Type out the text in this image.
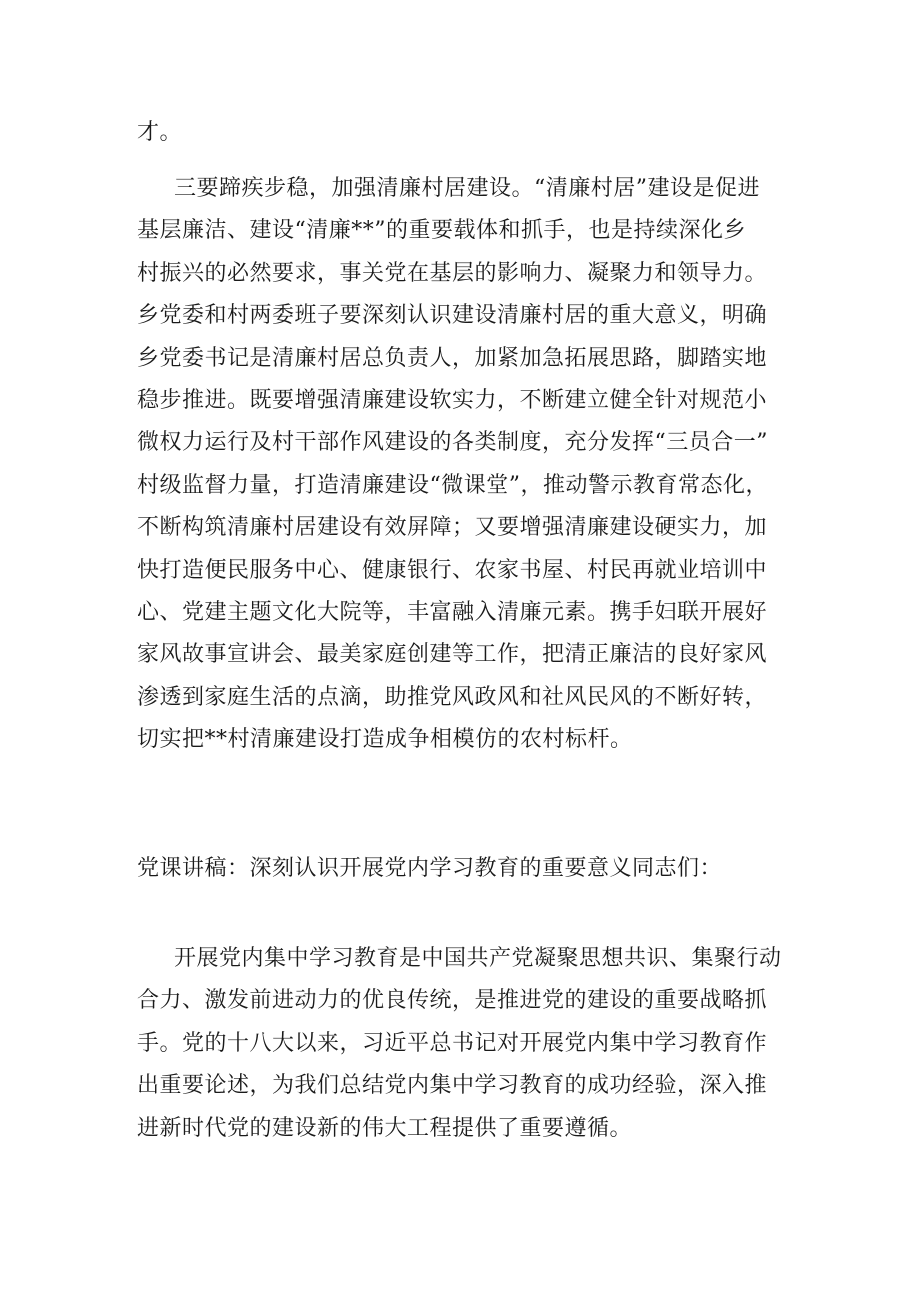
才。
三要蹄疾步稳，加强清廉村居建设。“清廉村居”建设是促进
基层廉洁、建设“清廉**”的重要载体和抓手，也是持续深化乡
村振兴的必然要求，事关党在基层的影响力、凝聚力和领导力。
乡党委和村两委班子要深刻认识建设清廉村居的重大意义，明确
乡党委书记是清廉村居总负责人，加紧加急拓展思路，脚踏实地
稳步推进。既要增强清廉建设软实力，不断建立健全针对规范小
微权力运行及村干部作风建设的各类制度，充分发挥“三员合一”
村级监督力量，打造清廉建设“微课堂”，推动警示教育常态化，
不断构筑清廉村居建设有效屏障；又要增强清廉建设硬实力，加
快打造便民服务中心、健康银行、农家书屋、村民再就业培训中
心、党建主题文化大院等，丰富融入清廉元素。携手妇联开展好
家风故事宣讲会、最美家庭创建等工作，把清正廉洁的良好家风
渗透到家庭生活的点滴，助推党风政风和社风民风的不断好转，
切实把**村清廉建设打造成争相模仿的农村标杆。
党课讲稿：深刻认识开展党内学习教育的重要意义同志们：
开展党内集中学习教育是中国共产党凝聚思想共识、集聚行动
合力、激发前进动力的优良传统，是推进党的建设的重要战略抓
手。党的十八大以来，习近平总书记对开展党内集中学习教育作
出重要论述，为我们总结党内集中学习教育的成功经验，深入推
进新时代党的建设新的伟大工程提供了重要遵循。
